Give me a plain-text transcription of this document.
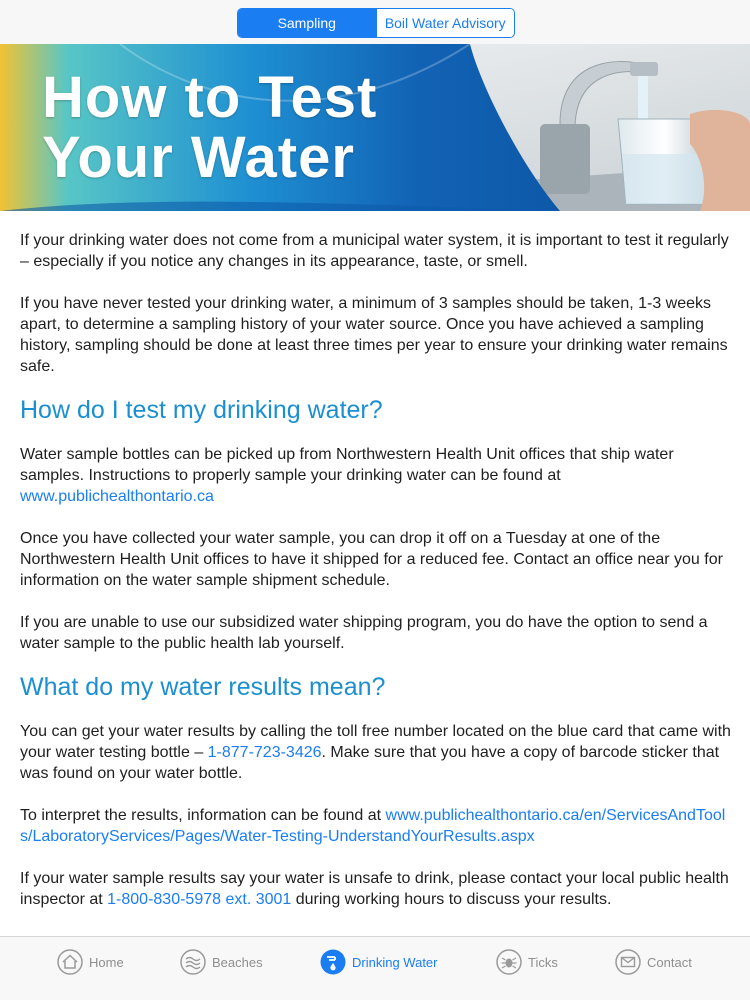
Sampling	Boil Water Advisory
How to Test
Your Water

If your drinking water does not come from a municipal water system, it is important to test it regularly – especially if you notice any changes in its appearance, taste, or smell.

If you have never tested your drinking water, a minimum of 3 samples should be taken, 1-3 weeks apart, to determine a sampling history of your water source. Once you have achieved a sampling history, sampling should be done at least three times per year to ensure your drinking water remains safe.

How do I test my drinking water?

Water sample bottles can be picked up from Northwestern Health Unit offices that ship water samples. Instructions to properly sample your drinking water can be found at www.publichealthontario.ca

Once you have collected your water sample, you can drop it off on a Tuesday at one of the Northwestern Health Unit offices to have it shipped for a reduced fee. Contact an office near you for information on the water sample shipment schedule.

If you are unable to use our subsidized water shipping program, you do have the option to send a water sample to the public health lab yourself.

What do my water results mean?

You can get your water results by calling the toll free number located on the blue card that came with your water testing bottle – 1-877-723-3426. Make sure that you have a copy of barcode sticker that was found on your water bottle.

To interpret the results, information can be found at www.publichealthontario.ca/en/ServicesAndTools/LaboratoryServices/Pages/Water-Testing-UnderstandYourResults.aspx

If your water sample results say your water is unsafe to drink, please contact your local public health inspector at 1-800-830-5978 ext. 3001 during working hours to discuss your results.

Home	Beaches	Drinking Water	Ticks	Contact
